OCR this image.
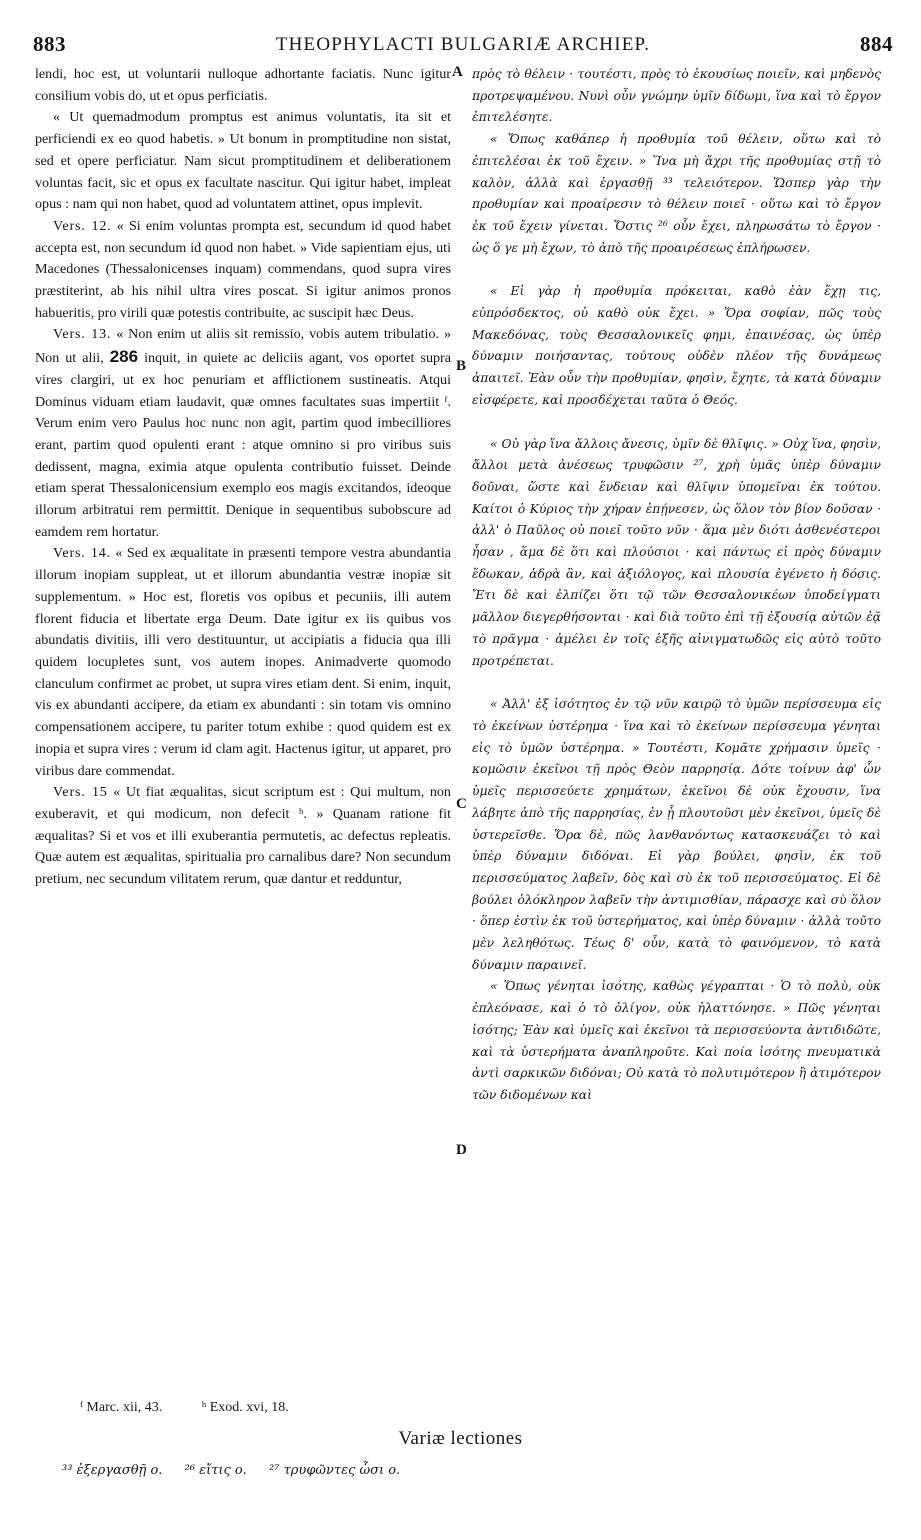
883	THEOPHYLACTI BULGARIÆ ARCHIEP.	884

lendi, hoc est, ut voluntarii nulloque adhortante faciatis. Nunc igitur consilium vobis do, ut et opus perficiatis.

« Ut quemadmodum promptus est animus voluntatis, ita sit et perficiendi ex eo quod habetis. » Ut bonum in promptitudine non sistat, sed et opere perficiatur. Nam sicut promptitudinem et deliberationem voluntas facit, sic et opus ex facultate nascitur. Qui igitur habet, impleat opus : nam qui non habet, quod ad voluntatem attinet, opus implevit.

Vers. 12. « Si enim voluntas prompta est, secundum id quod habet accepta est, non secundum id quod non habet. » Vide sapientiam ejus, uti Macedones (Thessalonicenses inquam) commendans, quod supra vires præstiterint, ab his nihil ultra vires poscat. Si igitur animos pronos habueritis, pro virili quæ potestis contribuite, ac suscipit hæc Deus.

Vers. 13. « Non enim ut aliis sit remissio, vobis autem tribulatio. » Non ut alii, 286 inquit, in quiete ac deliciis agant, vos oportet supra vires clargiri, ut ex hoc penuriam et afflictionem sustineatis. Atqui Dominus viduam etiam laudavit, quæ omnes facultates suas impertiit ᶠ. Verum enim vero Paulus hoc nunc non agit, partim quod imbecilliores erant, partim quod opulenti erant : atque omnino si pro viribus suis dedissent, magna, eximia atque opulenta contributio fuisset. Deinde etiam sperat Thessalonicensium exemplo eos magis excitandos, ideoque illorum arbitratui rem permittit. Denique in sequentibus subobscure ad eamdem rem hortatur.

Vers. 14. « Sed ex æqualitate in præsenti tempore vestra abundantia illorum inopiam suppleat, ut et illorum abundantia vestræ inopiæ sit supplementum. » Hoc est, floretis vos opibus et pecuniis, illi autem florent fiducia et libertate erga Deum. Date igitur ex iis quibus vos abundatis divitiis, illi vero destituuntur, ut accipiatis a fiducia qua illi quidem locupletes sunt, vos autem inopes. Animadverte quomodo clanculum confirmet ac probet, ut supra vires etiam dent. Si enim, inquit, vis ex abundanti accipere, da etiam ex abundanti : sin totam vis omnino compensationem accipere, tu pariter totum exhibe : quod quidem est ex inopia et supra vires : verum id clam agit. Hactenus igitur, ut apparet, pro viribus dare commendat.

Vers. 15 « Ut fiat æqualitas, sicut scriptum est : Qui multum, non exuberavit, et qui modicum, non defecit ʰ. » Quanam ratione fit æqualitas? Si et vos et illi exuberantia permutetis, ac defectus repleatis. Quæ autem est æqualitas, spiritualia pro carnalibus dare? Non secundum pretium, nec secundum vilitatem rerum, quæ dantur et redduntur,

A
B
C
D

πρὸς τὸ θέλειν · τουτέστι, πρὸς τὸ ἑκουσίως ποιεῖν, καὶ μηδενὸς προτρεψαμένου. Νυνὶ οὖν γνώμην ὑμῖν δίδωμι, ἵνα καὶ τὸ ἔργον ἐπιτελέσητε.

« Ὅπως καθάπερ ἡ προθυμία τοῦ θέλειν, οὕτω καὶ τὸ ἐπιτελέσαι ἐκ τοῦ ἔχειν. » Ἵνα μὴ ἄχρι τῆς προθυμίας στῇ τὸ καλὸν, ἀλλὰ καὶ ἐργασθῇ ³³ τελειότερον. Ὥσπερ γὰρ τὴν προθυμίαν καὶ προαίρεσιν τὸ θέλειν ποιεῖ · οὕτω καὶ τὸ ἔργον ἐκ τοῦ ἔχειν γίνεται. Ὅστις ²⁶ οὖν ἔχει, πληρωσάτω τὸ ἔργον · ὡς ὅ γε μὴ ἔχων, τὸ ἀπὸ τῆς προαιρέσεως ἐπλήρωσεν.

« Εἰ γὰρ ἡ προθυμία πρόκειται, καθὸ ἐὰν ἔχῃ τις, εὐπρόσδεκτος, οὐ καθὸ οὐκ ἔχει. » Ὅρα σοφίαν, πῶς τοὺς Μακεδόνας, τοὺς Θεσσαλονικεῖς φημι, ἐπαινέσας, ὡς ὑπὲρ δύναμιν ποιήσαντας, τούτους οὐδὲν πλέον τῆς δυνάμεως ἀπαιτεῖ. Ἐὰν οὖν τὴν προθυμίαν, φησὶν, ἔχητε, τὰ κατὰ δύναμιν εἰσφέρετε, καὶ προσδέχεται ταῦτα ὁ Θεός.

« Οὐ γὰρ ἵνα ἄλλοις ἄνεσις, ὑμῖν δὲ θλῖψις. » Οὐχ ἵνα, φησὶν, ἄλλοι μετὰ ἀνέσεως τρυφῶσιν ²⁷, χρὴ ὑμᾶς ὑπὲρ δύναμιν δοῦναι, ὥστε καὶ ἔνδειαν καὶ θλῖψιν ὑπομεῖναι ἐκ τούτου. Καίτοι ὁ Κύριος τὴν χήραν ἐπῄνεσεν, ὡς ὅλον τὸν βίον δοῦσαν · ἀλλ' ὁ Παῦλος οὐ ποιεῖ τοῦτο νῦν · ἅμα μὲν διότι ἀσθενέστεροι ἦσαν , ἅμα δὲ ὅτι καὶ πλούσιοι · καὶ πάντως εἰ πρὸς δύναμιν ἔδωκαν, ἁδρὰ ἂν, καὶ ἀξιόλογος, καὶ πλουσία ἐγένετο ἡ δόσις. Ἔτι δὲ καὶ ἐλπίζει ὅτι τῷ τῶν Θεσσαλονικέων ὑποδείγματι μᾶλλον διεγερθήσονται · καὶ διὰ τοῦτο ἐπὶ τῇ ἐξουσίᾳ αὐτῶν ἐᾷ τὸ πρᾶγμα · ἀμέλει ἐν τοῖς ἑξῆς αἰνιγματωδῶς εἰς αὐτὸ τοῦτο προτρέπεται.

« Ἀλλ' ἐξ ἰσότητος ἐν τῷ νῦν καιρῷ τὸ ὑμῶν περίσσευμα εἰς τὸ ἐκείνων ὑστέρημα · ἵνα καὶ τὸ ἐκείνων περίσσευμα γένηται εἰς τὸ ὑμῶν ὑστέρημα. » Τουτέστι, Κομᾶτε χρήμασιν ὑμεῖς · κομῶσιν ἐκεῖνοι τῇ πρὸς Θεὸν παρρησίᾳ. Δότε τοίνυν ἀφ' ὧν ὑμεῖς περισσεύετε χρημάτων, ἐκεῖνοι δὲ οὐκ ἔχουσιν, ἵνα λάβητε ἀπὸ τῆς παρρησίας, ἐν ᾗ πλουτοῦσι μὲν ἐκεῖνοι, ὑμεῖς δὲ ὑστερεῖσθε. Ὅρα δὲ, πῶς λανθανόντως κατασκευάζει τὸ καὶ ὑπὲρ δύναμιν διδόναι. Εἰ γὰρ βούλει, φησὶν, ἐκ τοῦ περισσεύματος λαβεῖν, δὸς καὶ σὺ ἐκ τοῦ περισσεύματος. Εἰ δὲ βούλει ὁλόκληρον λαβεῖν τὴν ἀντιμισθίαν, πάρασχε καὶ σὺ ὅλον · ὅπερ ἐστὶν ἐκ τοῦ ὑστερήματος, καὶ ὑπὲρ δύναμιν · ἀλλὰ τοῦτο μὲν λεληθότως. Τέως δ' οὖν, κατὰ τὸ φαινόμενον, τὸ κατὰ δύναμιν παραινεῖ.

« Ὅπως γένηται ἰσότης, καθὼς γέγραπται · Ὁ τὸ πολὺ, οὐκ ἐπλεόνασε, καὶ ὁ τὸ ὀλίγον, οὐκ ἠλαττόνησε. » Πῶς γένηται ἰσότης; Ἐὰν καὶ ὑμεῖς καὶ ἐκεῖνοι τὰ περισσεύοντα ἀντιδιδῶτε, καὶ τὰ ὑστερήματα ἀναπληροῦτε. Καὶ ποία ἰσότης πνευματικὰ ἀντὶ σαρκικῶν διδόναι; Οὐ κατὰ τὸ πολυτιμότερον ἢ ἀτιμότερον τῶν διδομένων καὶ

ᶠ Marc. xii, 43.	ʰ Exod. xvi, 18.
Variæ lectiones
³³ ἐξεργασθῇ ο. ²⁶ εἴτις ο. ²⁷ τρυφῶντες ὦσι ο.
